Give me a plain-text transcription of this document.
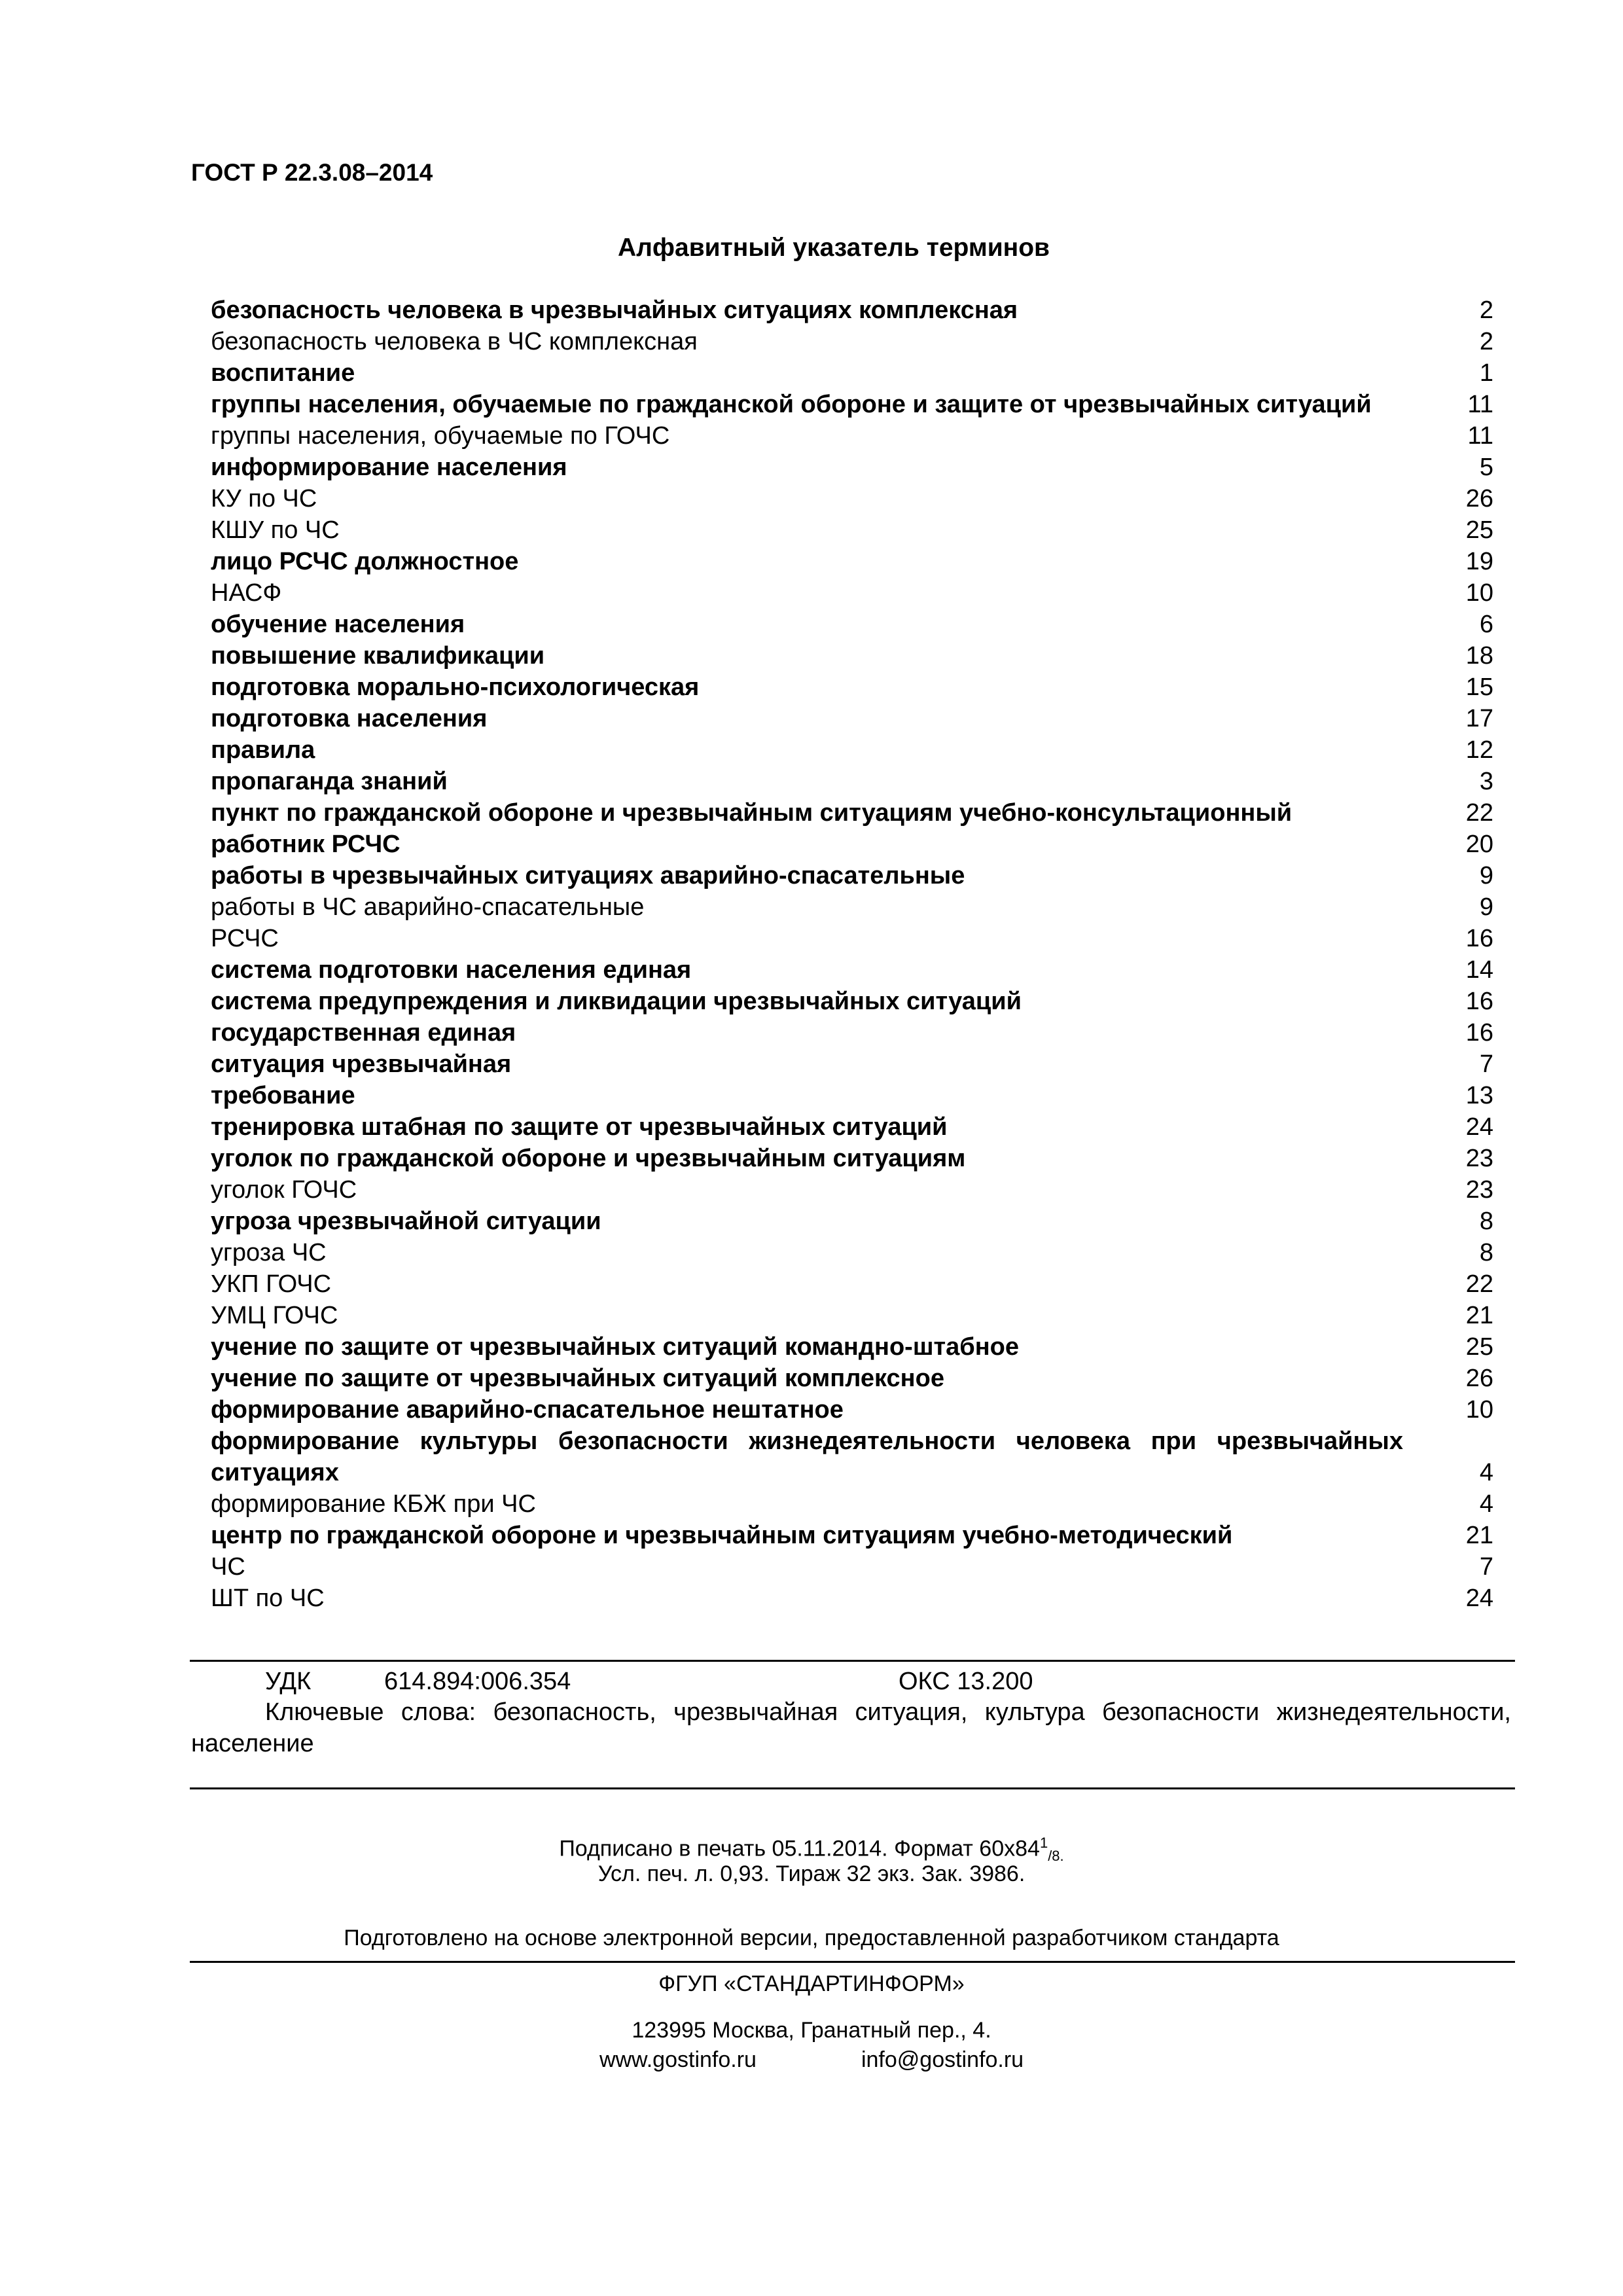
ГОСТ Р 22.3.08–2014
Алфавитный указатель терминов
безопасность человека в чрезвычайных ситуациях комплексная	2
безопасность человека в ЧС комплексная	2
воспитание	1
группы населения, обучаемые по гражданской обороне и защите от чрезвычайных ситуаций	11
группы населения, обучаемые по ГОЧС	11
информирование населения	5
КУ по ЧС	26
КШУ по ЧС	25
лицо РСЧС должностное	19
НАСФ	10
обучение населения	6
повышение квалификации	18
подготовка морально-психологическая	15
подготовка населения	17
правила	12
пропаганда знаний	3
пункт по гражданской обороне и чрезвычайным ситуациям учебно-консультационный	22
работник РСЧС	20
работы в чрезвычайных ситуациях аварийно-спасательные	9
работы в ЧС аварийно-спасательные	9
РСЧС	16
система подготовки населения единая	14
система предупреждения и ликвидации чрезвычайных ситуаций	16
государственная единая	16
ситуация чрезвычайная	7
требование	13
тренировка штабная по защите от чрезвычайных ситуаций	24
уголок по гражданской обороне и чрезвычайным ситуациям	23
уголок ГОЧС	23
угроза чрезвычайной ситуации	8
угроза ЧС	8
УКП ГОЧС	22
УМЦ ГОЧС	21
учение по защите от чрезвычайных ситуаций командно-штабное	25
учение по защите от чрезвычайных ситуаций комплексное	26
формирование аварийно-спасательное нештатное	10
формирование культуры безопасности жизнедеятельности человека при чрезвычайных ситуациях	4
формирование КБЖ при ЧС	4
центр по гражданской обороне и чрезвычайным ситуациям учебно-методический	21
ЧС	7
ШТ по ЧС	24
УДК	614.894:006.354	ОКС 13.200
Ключевые слова: безопасность, чрезвычайная ситуация, культура безопасности жизнедеятельности, население
Подписано в печать 05.11.2014. Формат $60х84^1_{/8.}$
Усл. печ. л. 0,93. Тираж 32 экз. Зак. 3986.
Подготовлено на основе электронной версии, предоставленной разработчиком стандарта
ФГУП «СТАНДАРТИНФОРМ»
123995 Москва, Гранатный пер., 4.
www.gostinfo.ru	info@gostinfo.ru
